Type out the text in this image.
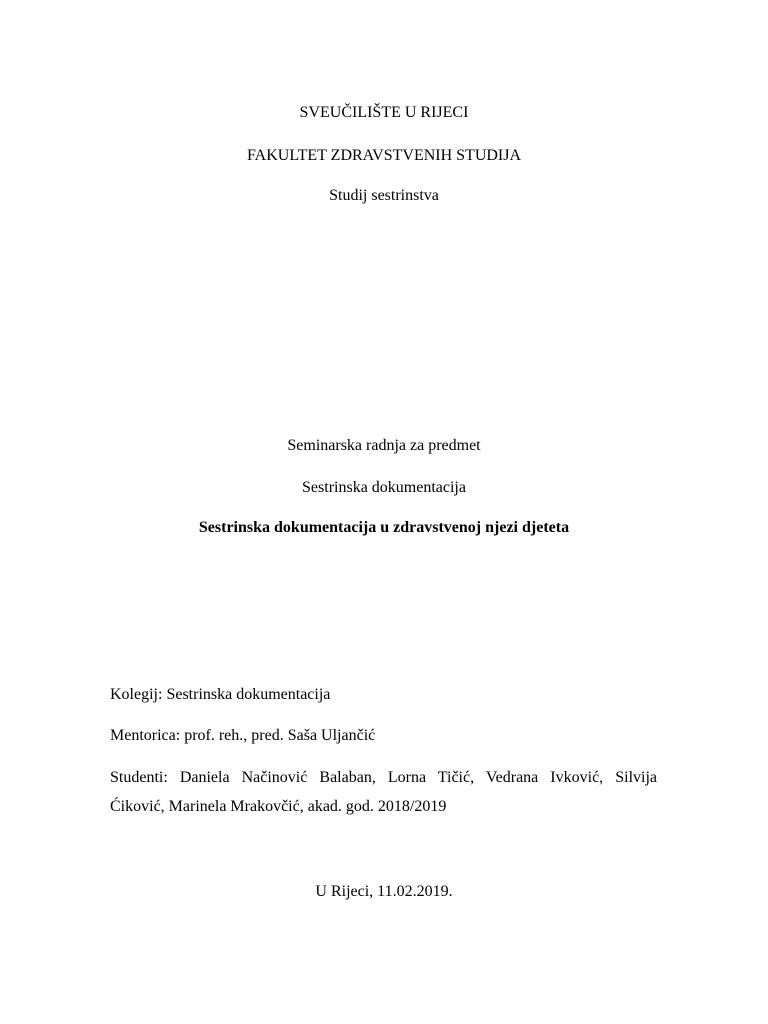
SVEUČILIŠTE U RIJECI
FAKULTET ZDRAVSTVENIH STUDIJA
Studij sestrinstva
Seminarska radnja za predmet
Sestrinska dokumentacija
Sestrinska dokumentacija u zdravstvenoj njezi djeteta
Kolegij: Sestrinska dokumentacija
Mentorica: prof. reh., pred. Saša Uljančić
Studenti: Daniela Načinović Balaban, Lorna Tičić, Vedrana Ivković, Silvija
Ćiković, Marinela Mrakovčić, akad. god. 2018/2019
U Rijeci, 11.02.2019.
